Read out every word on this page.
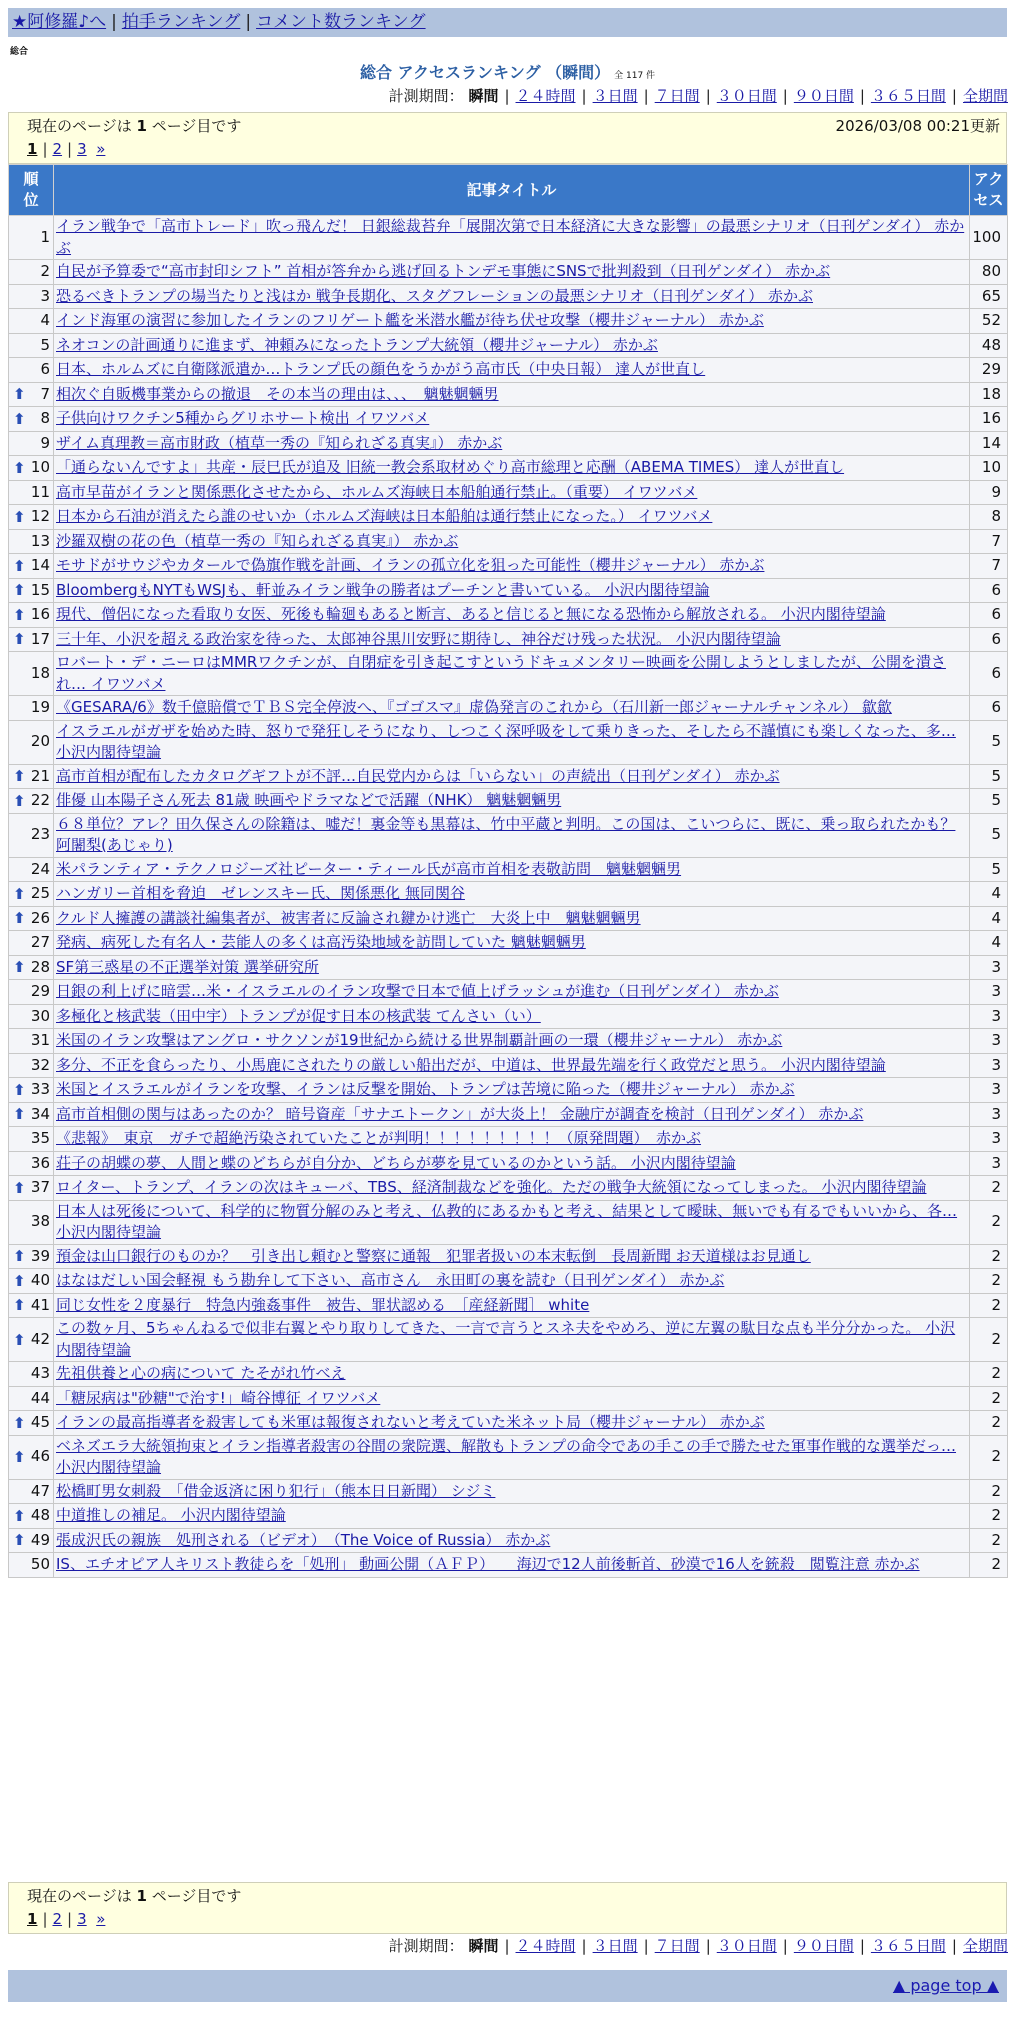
★阿修羅♪へ | 拍手ランキング | コメント数ランキング
総合
総合 アクセスランキング （瞬間） 全 117 件
計測期間： 瞬間 | ２４時間 | ３日間 | ７日間 | ３０日間 | ９０日間 | ３６５日間 | 全期間
現在のページは 1 ページ目です	2026/03/08 00:21更新
1 | 2 | 3 »
順位	記事タイトル	アクセス
1	イラン戦争で「高市トレード」吹っ飛んだ！ 日銀総裁苔弁「展開次第で日本経済に大きな影響」の最悪シナリオ（日刊ゲンダイ） 赤かぶ	100
2	自民が予算委で“高市封印シフト” 首相が答弁から逃げ回るトンデモ事態にSNSで批判殺到（日刊ゲンダイ） 赤かぶ	80
3	恐るべきトランプの場当たりと浅はか 戦争長期化、スタグフレーションの最悪シナリオ（日刊ゲンダイ） 赤かぶ	65
4	インド海軍の演習に参加したイランのフリゲート艦を米潜水艦が待ち伏せ攻撃（櫻井ジャーナル） 赤かぶ	52
5	ネオコンの計画通りに進まず、神頼みになったトランプ大統領（櫻井ジャーナル） 赤かぶ	48
6	日本、ホルムズに自衛隊派遣か…トランプ氏の顔色をうかがう高市氏（中央日報） 達人が世直し	29

⬆ 7	相次ぐ自販機事業からの撤退　その本当の理由は、、、　魑魅魍魎男	18

⬆ 8	子供向けワクチン5種からグリホサート検出 イワツバメ	16
9	ザイム真理教＝高市財政（植草一秀の『知られざる真実』） 赤かぶ	14

⬆ 10	「通らないんですよ」共産・辰巳氏が追及 旧統一教会系取材めぐり高市総理と応酬（ABEMA TIMES） 達人が世直し	10
11	高市早苗がイランと関係悪化させたから、ホルムズ海峡日本船舶通行禁止。（重要） イワツバメ	9

⬆ 12	日本から石油が消えたら誰のせいか（ホルムズ海峡は日本船舶は通行禁止になった。） イワツバメ	8
13	沙羅双樹の花の色（植草一秀の『知られざる真実』） 赤かぶ	7

⬆ 14	モサドがサウジやカタールで偽旗作戦を計画、イランの孤立化を狙った可能性（櫻井ジャーナル） 赤かぶ	7

⬆ 15	BloombergもNYTもWSJも、軒並みイラン戦争の勝者はプーチンと書いている。 小沢内閣待望論	6

⬆ 16	現代、僧侶になった看取り女医、死後も輪廻もあると断言、あると信じると無になる恐怖から解放される。 小沢内閣待望論	6

⬆ 17	三十年、小沢を超える政治家を待った、太郎神谷黒川安野に期待し、神谷だけ残った状況。 小沢内閣待望論	6
18	ロバート・デ・ニーロはMMRワクチンが、自閉症を引き起こすというドキュメンタリー映画を公開しようとしましたが、公開を潰され… イワツバメ	6
19	《GESARA/6》数千億賠償でＴＢＳ完全停波へ、『ゴゴスマ』虚偽発言のこれから（石川新一郎ジャーナルチャンネル） 歙歙	6
20	イスラエルがガザを始めた時、怒りで発狂しそうになり、しつこく深呼吸をして乗りきった、そしたら不謹慎にも楽しくなった、多… 小沢内閣待望論	5

⬆ 21	高市首相が配布したカタログギフトが不評…自民党内からは「いらない」の声続出（日刊ゲンダイ） 赤かぶ	5

⬆ 22	俳優 山本陽子さん死去 81歳 映画やドラマなどで活躍（NHK） 魑魅魍魎男	5
23	６８単位？アレ？田久保さんの除籍は、嘘だ！裏金等も黒幕は、竹中平蔵と判明。この国は、こいつらに、既に、乗っ取られたかも？ 阿闍梨(あじゃり)	5
24	米パランティア・テクノロジーズ社ピーター・ティール氏が高市首相を表敬訪問　魑魅魍魎男	5

⬆ 25	ハンガリー首相を脅迫　ゼレンスキー氏、関係悪化 無同関谷	4

⬆ 26	クルド人擁護の講談社編集者が、被害者に反論され鍵かけ逃亡　大炎上中　魑魅魍魎男	4
27	発病、病死した有名人・芸能人の多くは高汚染地域を訪問していた 魑魅魍魎男	4

⬆ 28	SF第三惑星の不正選挙対策 選挙研究所	3
29	日銀の利上げに暗雲…米・イスラエルのイラン攻撃で日本で値上げラッシュが進む（日刊ゲンダイ） 赤かぶ	3
30	多極化と核武装（田中宇）トランプが促す日本の核武装 てんさい（い）	3
31	米国のイラン攻撃はアングロ・サクソンが19世紀から続ける世界制覇計画の一環（櫻井ジャーナル） 赤かぶ	3
32	多分、不正を食らったり、小馬鹿にされたりの厳しい船出だが、中道は、世界最先端を行く政党だと思う。 小沢内閣待望論	3

⬆ 33	米国とイスラエルがイランを攻撃、イランは反撃を開始、トランプは苦境に陥った（櫻井ジャーナル） 赤かぶ	3

⬆ 34	高市首相側の関与はあったのか？ 暗号資産「サナエトークン」が大炎上！ 金融庁が調査を検討（日刊ゲンダイ） 赤かぶ	3
35	《悲報》　東京　ガチで超絶汚染されていたことが判明！！！！！！！！！（原発問題）　赤かぶ	3
36	荘子の胡蝶の夢、人間と蝶のどちらが自分か、どちらが夢を見ているのかという話。 小沢内閣待望論	3

⬆ 37	ロイター、トランプ、イランの次はキューバ、TBS、経済制裁などを強化。ただの戦争大統領になってしまった。 小沢内閣待望論	2
38	日本人は死後について、科学的に物質分解のみと考え、仏教的にあるかもと考え、結果として曖昧、無いでも有るでもいいから、各… 小沢内閣待望論	2

⬆ 39	預金は山口銀行のものか？　引き出し頼むと警察に通報　犯罪者扱いの本末転倒　長周新聞 お天道様はお見通し	2

⬆ 40	はなはだしい国会軽視 もう勘弁して下さい、高市さん　永田町の裏を読む（日刊ゲンダイ） 赤かぶ	2

⬆ 41	同じ女性を２度暴行　特急内強姦事件　被告、罪状認める　［産経新聞］ white	2

⬆ 42	この数ヶ月、5ちゃんねるで似非右翼とやり取りしてきた、一言で言うとスネ夫をやめろ、逆に左翼の駄目な点も半分分かった。 小沢内閣待望論	2
43	先祖供養と心の病について たそがれ竹べえ	2
44	「糖尿病は"砂糖"で治す!」崎谷博征 イワツバメ	2

⬆ 45	イランの最高指導者を殺害しても米軍は報復されないと考えていた米ネット局（櫻井ジャーナル） 赤かぶ	2

⬆ 46	ベネズエラ大統領拘束とイラン指導者殺害の谷間の衆院選、解散もトランプの命令であの手この手で勝たせた軍事作戦的な選挙だっ… 小沢内閣待望論	2
47	松橋町男女刺殺　「借金返済に困り犯行」（熊本日日新聞） シジミ	2

⬆ 48	中道推しの補足。 小沢内閣待望論	2

⬆ 49	張成沢氏の親族　処刑される（ビデオ）　（The Voice of Russia） 赤かぶ	2
50	IS、エチオピア人キリスト教徒らを「処刑」 動画公開（ＡＦＰ）　　海辺で12人前後斬首、砂漠で16人を銃殺　閲覧注意 赤かぶ	2
現在のページは 1 ページ目です
1 | 2 | 3 »
計測期間： 瞬間 | ２４時間 | ３日間 | ７日間 | ３０日間 | ９０日間 | ３６５日間 | 全期間
▲ page top ▲
